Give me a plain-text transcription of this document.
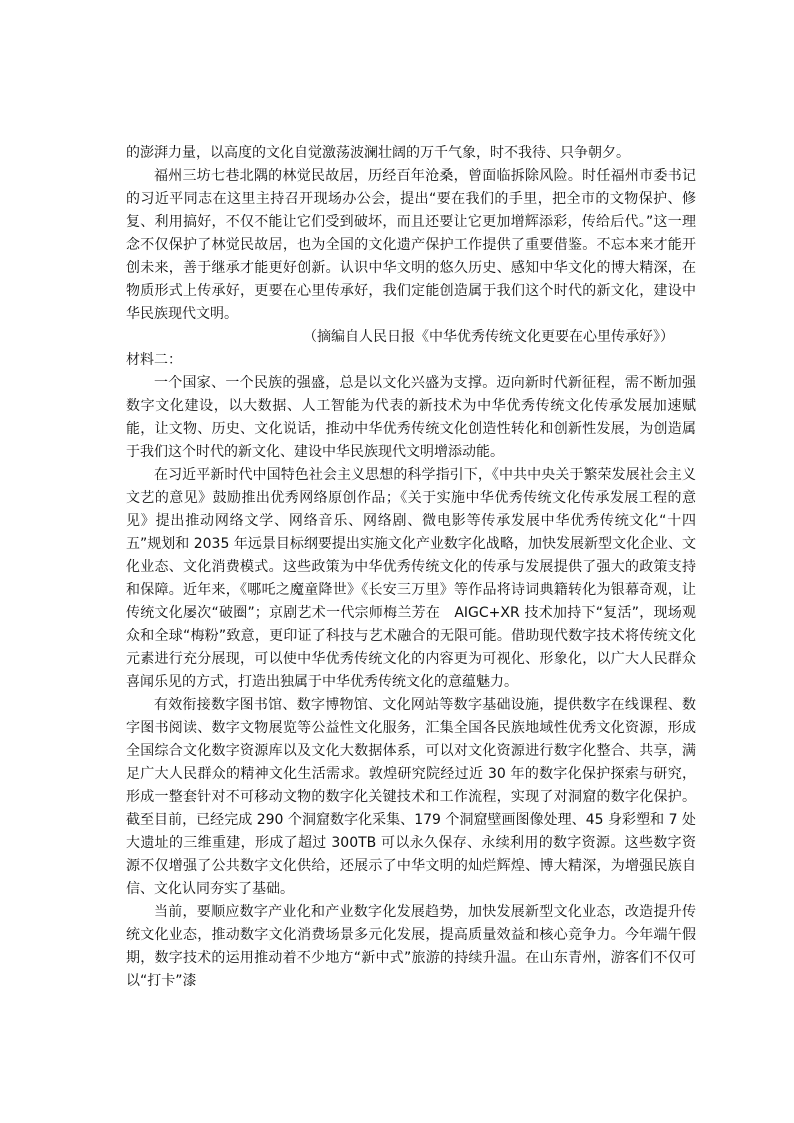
的澎湃力量，以高度的文化自觉激荡波澜壮阔的万千气象，时不我待、只争朝夕。

福州三坊七巷北隅的林觉民故居，历经百年沧桑，曾面临拆除风险。时任福州市委书记的习近平同志在这里主持召开现场办公会，提出“要在我们的手里，把全市的文物保护、修复、利用搞好，不仅不能让它们受到破坏，而且还要让它更加增辉添彩，传给后代。”这一理念不仅保护了林觉民故居，也为全国的文化遗产保护工作提供了重要借鉴。不忘本来才能开创未来，善于继承才能更好创新。认识中华文明的悠久历史、感知中华文化的博大精深，在物质形式上传承好，更要在心里传承好，我们定能创造属于我们这个时代的新文化，建设中华民族现代文明。

（摘编自人民日报《中华优秀传统文化更要在心里传承好》）

材料二：

一个国家、一个民族的强盛，总是以文化兴盛为支撑。迈向新时代新征程，需不断加强数字文化建设，以大数据、人工智能为代表的新技术为中华优秀传统文化传承发展加速赋能，让文物、历史、文化说话，推动中华优秀传统文化创造性转化和创新性发展，为创造属于我们这个时代的新文化、建设中华民族现代文明增添动能。

在习近平新时代中国特色社会主义思想的科学指引下，《中共中央关于繁荣发展社会主义文艺的意见》鼓励推出优秀网络原创作品；《关于实施中华优秀传统文化传承发展工程的意见》提出推动网络文学、网络音乐、网络剧、微电影等传承发展中华优秀传统文化“十四五”规划和 2035 年远景目标纲要提出实施文化产业数字化战略，加快发展新型文化企业、文化业态、文化消费模式。这些政策为中华优秀传统文化的传承与发展提供了强大的政策支持和保障。近年来，《哪吒之魔童降世》《长安三万里》等作品将诗词典籍转化为银幕奇观，让传统文化屡次“破圈”；京剧艺术一代宗师梅兰芳在　AIGC+XR 技术加持下“复活”，现场观众和全球“梅粉”致意，更印证了科技与艺术融合的无限可能。借助现代数字技术将传统文化元素进行充分展现，可以使中华优秀传统文化的内容更为可视化、形象化，以广大人民群众喜闻乐见的方式，打造出独属于中华优秀传统文化的意蕴魅力。

有效衔接数字图书馆、数字博物馆、文化网站等数字基础设施，提供数字在线课程、数字图书阅读、数字文物展览等公益性文化服务，汇集全国各民族地域性优秀文化资源，形成全国综合文化数字资源库以及文化大数据体系，可以对文化资源进行数字化整合、共享，满足广大人民群众的精神文化生活需求。敦煌研究院经过近 30 年的数字化保护探索与研究，形成一整套针对不可移动文物的数字化关键技术和工作流程，实现了对洞窟的数字化保护。截至目前，已经完成 290 个洞窟数字化采集、179 个洞窟壁画图像处理、45 身彩塑和 7 处大遗址的三维重建，形成了超过 300TB 可以永久保存、永续利用的数字资源。这些数字资源不仅增强了公共数字文化供给，还展示了中华文明的灿烂辉煌、博大精深，为增强民族自信、文化认同夯实了基础。

当前，要顺应数字产业化和产业数字化发展趋势，加快发展新型文化业态，改造提升传统文化业态，推动数字文化消费场景多元化发展，提高质量效益和核心竞争力。今年端午假期，数字技术的运用推动着不少地方“新中式”旅游的持续升温。在山东青州，游客们不仅可以“打卡”漆
